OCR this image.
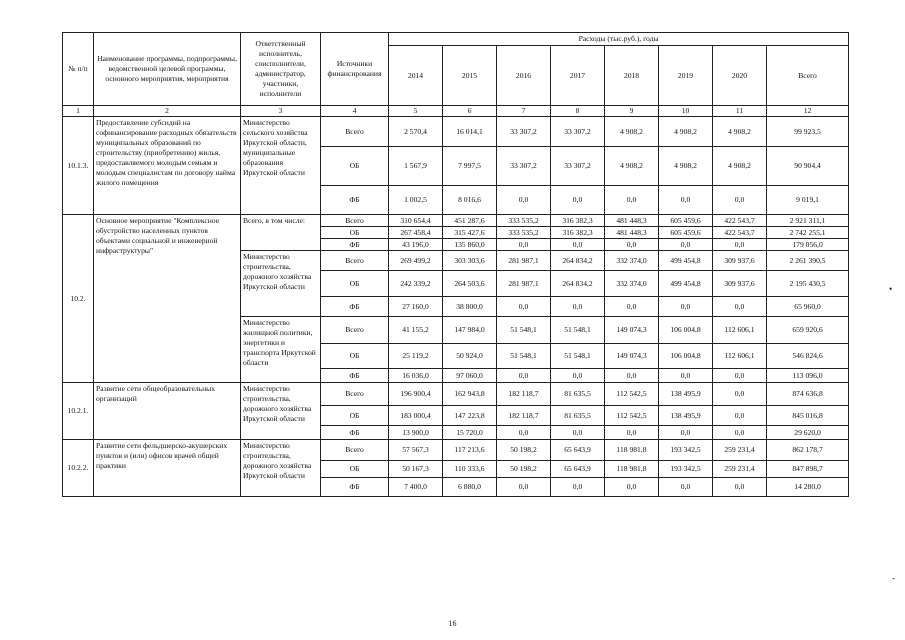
№ п/п	Наименование программы, подпрограммы, ведомственной целевой программы, основного мероприятия, мероприятия	Ответственный исполнитель, соисполнители, администратор, участники, исполнители	Источники финансирования	Расходы (тыс.руб.), годы							
				2014	2015	2016	2017	2018	2019	2020	Всего
1	2	3	4	5	6	7	8	9	10	11	12
10.1.3.	Предоставление субсидий на софинансирование расходных обязательств муниципальных образований по строительству (приобретению) жилья, предоставляемого молодым семьям и молодым специалистам по договору найма жилого помещения	Министерство сельского хозяйства Иркутской области, муниципальные образования Иркутской области	Всего	2 570,4	16 014,1	33 307,2	33 307,2	4 908,2	4 908,2	4 908,2	99 923,5
			ОБ	1 567,9	7 997,5	33 307,2	33 307,2	4 908,2	4 908,2	4 908,2	90 904,4
			ФБ	1 002,5	8 016,6	0,0	0,0	0,0	0,0	0,0	9 019,1
10.2.	Основное мероприятие "Комплексное обустройство населенных пунктов объектами социальной и инженерной инфраструктуры"	Всего, в том числе:	Всего	310 654,4	451 287,6	333 535,2	316 382,3	481 448,3	605 459,6	422 543,7	2 921 311,1
			ОБ	267 458,4	315 427,6	333 535,2	316 382,3	481 448,3	605 459,6	422 543,7	2 742 255,1
			ФБ	43 196,0	135 860,0	0,0	0,0	0,0	0,0	0,0	179 056,0
		Министерство строительства, дорожного хозяйства Иркутской области	Всего	269 499,2	303 303,6	281 987,1	264 834,2	332 374,0	499 454,8	309 937,6	2 261 390,5
			ОБ	242 339,2	264 503,6	281 987,1	264 834,2	332 374,0	499 454,8	309 937,6	2 195 430,5
			ФБ	27 160,0	38 800,0	0,0	0,0	0,0	0,0	0,0	65 960,0
		Министерство жилищной политики, энергетики и транспорта Иркутской области	Всего	41 155,2	147 984,0	51 548,1	51 548,1	149 074,3	106 004,8	112 606,1	659 920,6
			ОБ	25 119,2	50 924,0	51 548,1	51 548,1	149 074,3	106 004,8	112 606,1	546 824,6
			ФБ	16 036,0	97 060,0	0,0	0,0	0,0	0,0	0,0	113 096,0
10.2.1.	Развитие сети общеобразовательных организаций	Министерство строительства, дорожного хозяйства Иркутской области	Всего	196 900,4	162 943,8	182 118,7	81 635,5	112 542,5	138 495,9	0,0	874 636,8
			ОБ	183 000,4	147 223,8	182 118,7	81 635,5	112 542,5	138 495,9	0,0	845 016,8
			ФБ	13 900,0	15 720,0	0,0	0,0	0,0	0,0	0,0	29 620,0
10.2.2.	Развитие сети фельдшерско-акушерских пунктов и (или) офисов врачей общей практики	Министерство строительства, дорожного хозяйства Иркутской области	Всего	57 567,3	117 213,6	50 198,2	65 643,9	118 981,8	193 342,5	259 231,4	862 178,7
			ОБ	50 167,3	110 333,6	50 198,2	65 643,9	118 981,8	193 342,5	259 231,4	847 898,7
			ФБ	7 400,0	6 880,0	0,0	0,0	0,0	0,0	0,0	14 280,0
16
•
-
